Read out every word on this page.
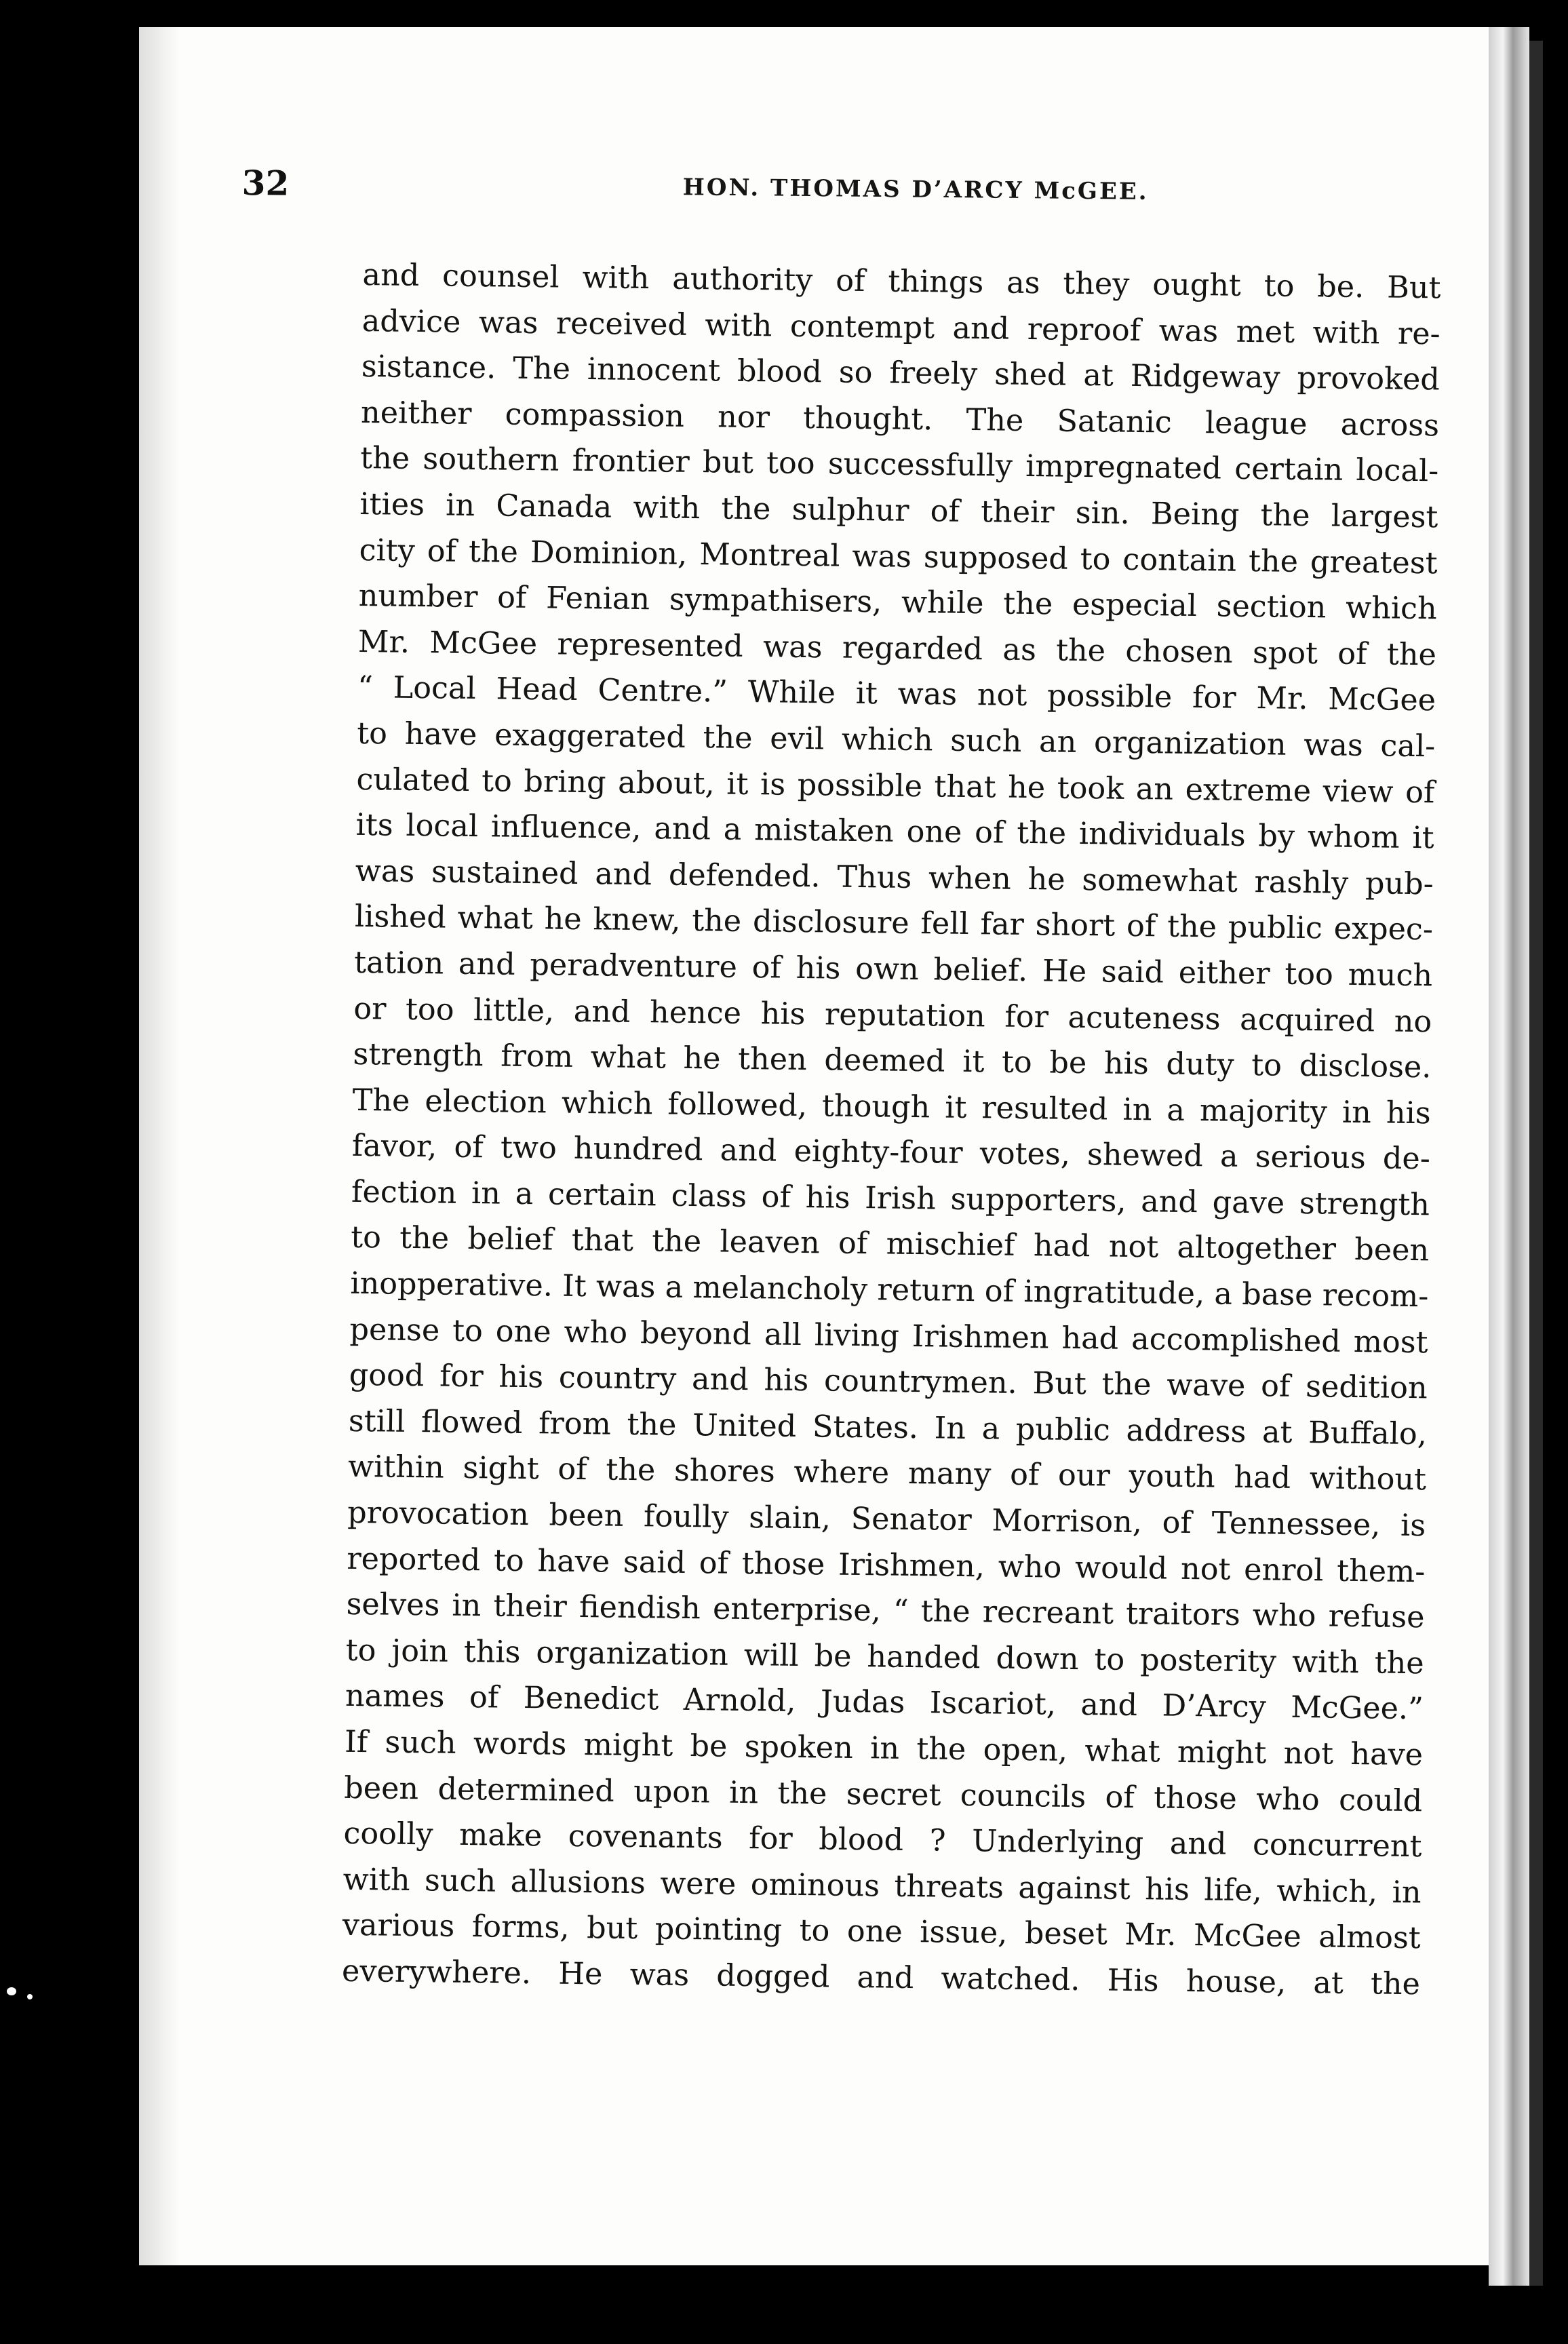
32	HON. THOMAS D’ARCY McGEE.
and counsel with authority of things as they ought to be. But
advice was received with contempt and reproof was met with re-
sistance. The innocent blood so freely shed at Ridgeway provoked
neither compassion nor thought. The Satanic league across
the southern frontier but too successfully impregnated certain local-
ities in Canada with the sulphur of their sin. Being the largest
city of the Dominion, Montreal was supposed to contain the greatest
number of Fenian sympathisers, while the especial section which
Mr. McGee represented was regarded as the chosen spot of the
“ Local Head Centre.” While it was not possible for Mr. McGee
to have exaggerated the evil which such an organization was cal-
culated to bring about, it is possible that he took an extreme view of
its local influence, and a mistaken one of the individuals by whom it
was sustained and defended. Thus when he somewhat rashly pub-
lished what he knew, the disclosure fell far short of the public expec-
tation and peradventure of his own belief. He said either too much
or too little, and hence his reputation for acuteness acquired no
strength from what he then deemed it to be his duty to disclose.
The election which followed, though it resulted in a majority in his
favor, of two hundred and eighty-four votes, shewed a serious de-
fection in a certain class of his Irish supporters, and gave strength
to the belief that the leaven of mischief had not altogether been
inopperative. It was a melancholy return of ingratitude, a base recom-
pense to one who beyond all living Irishmen had accomplished most
good for his country and his countrymen. But the wave of sedition
still flowed from the United States. In a public address at Buffalo,
within sight of the shores where many of our youth had without
provocation been foully slain, Senator Morrison, of Tennessee, is
reported to have said of those Irishmen, who would not enrol them-
selves in their fiendish enterprise, “ the recreant traitors who refuse
to join this organization will be handed down to posterity with the
names of Benedict Arnold, Judas Iscariot, and D’Arcy McGee.”
If such words might be spoken in the open, what might not have
been determined upon in the secret councils of those who could
coolly make covenants for blood ? Underlying and concurrent
with such allusions were ominous threats against his life, which, in
various forms, but pointing to one issue, beset Mr. McGee almost
everywhere. He was dogged and watched. His house, at the
